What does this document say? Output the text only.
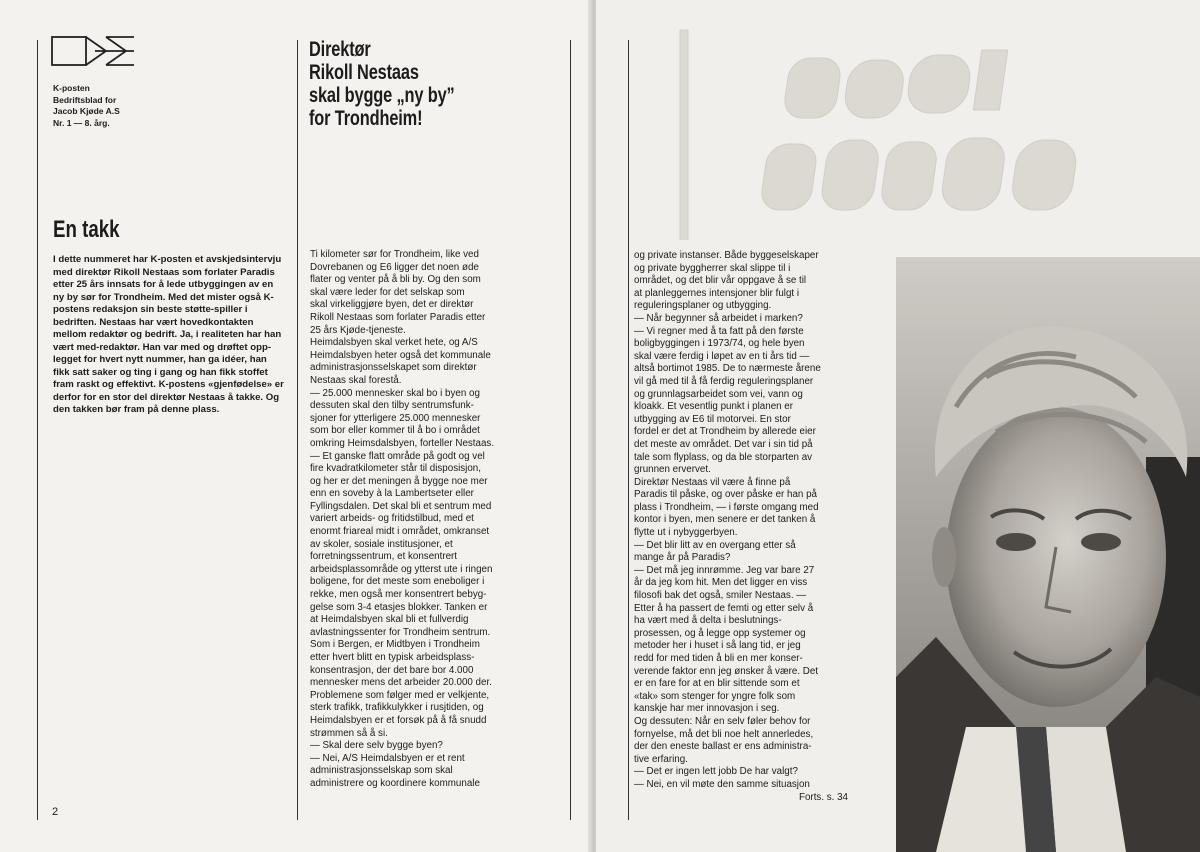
K-posten
Bedriftsblad for
Jacob Kjøde A.S
Nr. 1 — 8. årg.
Direktør
Rikoll Nestaas
skal bygge „ny by”
for Trondheim!
En takk
I dette nummeret har K-posten et avskjedsintervju med direktør Rikoll Nestaas som forlater Paradis etter 25 års innsats for å lede utbyggingen av en ny by sør for Trondheim. Med det mister også K-postens redaksjon sin beste støtte-spiller i bedriften. Nestaas har vært hovedkontakten mellom redaktør og bedrift. Ja, i realiteten har han vært med-redaktør. Han var med og drøftet opp-legget for hvert nytt nummer, han ga idéer, han fikk satt saker og ting i gang og han fikk stoffet fram raskt og effektivt. K-postens «gjenfødelse» er derfor for en stor del direktør Nestaas å takke. Og den takken bør fram på denne plass.
Ti kilometer sør for Trondheim, like ved
Dovrebanen og E6 ligger det noen øde
flater og venter på å bli by. Og den som
skal være leder for det selskap som
skal virkeliggjøre byen, det er direktør
Rikoll Nestaas som forlater Paradis etter
25 års Kjøde-tjeneste.
Heimdalsbyen skal verket hete, og A/S
Heimdalsbyen heter også det kommunale
administrasjonsselskapet som direktør
Nestaas skal forestå.
— 25.000 mennesker skal bo i byen og
dessuten skal den tilby sentrumsfunk-
sjoner for ytterligere 25.000 mennesker
som bor eller kommer til å bo i området
omkring Heimsdalsbyen, forteller Nestaas.
— Et ganske flatt område på godt og vel
fire kvadratkilometer står til disposisjon,
og her er det meningen å bygge noe mer
enn en soveby à la Lambertseter eller
Fyllingsdalen. Det skal bli et sentrum med
variert arbeids- og fritidstilbud, med et
enormt friareal midt i området, omkranset
av skoler, sosiale institusjoner, et
forretningssentrum, et konsentrert
arbeidsplassområde og ytterst ute i ringen
boligene, for det meste som eneboliger i
rekke, men også mer konsentrert bebyg-
gelse som 3-4 etasjes blokker. Tanken er
at Heimdalsbyen skal bli et fullverdig
avlastningssenter for Trondheim sentrum.
Som i Bergen, er Midtbyen i Trondheim
etter hvert blitt en typisk arbeidsplass-
konsentrasjon, der det bare bor 4.000
mennesker mens det arbeider 20.000 der.
Problemene som følger med er velkjente,
sterk trafikk, trafikkulykker i rusjtiden, og
Heimdalsbyen er et forsøk på å få snudd
strømmen så å si.
— Skal dere selv bygge byen?
— Nei, A/S Heimdalsbyen er et rent
administrasjonsselskap som skal
administrere og koordinere kommunale
2
og private instanser. Både byggeselskaper
og private byggherrer skal slippe til i
området, og det blir vår oppgave å se til
at planleggernes intensjoner blir fulgt i
reguleringsplaner og utbygging.
— Når begynner så arbeidet i marken?
— Vi regner med å ta fatt på den første
boligbyggingen i 1973/74, og hele byen
skal være ferdig i løpet av en ti års tid —
altså bortimot 1985. De to nærmeste årene
vil gå med til å få ferdig reguleringsplaner
og grunnlagsarbeidet som vei, vann og
kloakk. Et vesentlig punkt i planen er
utbygging av E6 til motorvei. En stor
fordel er det at Trondheim by allerede eier
det meste av området. Det var i sin tid på
tale som flyplass, og da ble storparten av
grunnen ervervet.
Direktør Nestaas vil være å finne på
Paradis til påske, og over påske er han på
plass i Trondheim, — i første omgang med
kontor i byen, men senere er det tanken å
flytte ut i nybyggerbyen.
— Det blir litt av en overgang etter så
mange år på Paradis?
— Det må jeg innrømme. Jeg var bare 27
år da jeg kom hit. Men det ligger en viss
filosofi bak det også, smiler Nestaas. —
Etter å ha passert de femti og etter selv å
ha vært med å delta i beslutnings-
prosessen, og å legge opp systemer og
metoder her i huset i så lang tid, er jeg
redd for med tiden å bli en mer konser-
verende faktor enn jeg ønsker å være. Det
er en fare for at en blir sittende som et
«tak» som stenger for yngre folk som
kanskje har mer innovasjon i seg.
Og dessuten: Når en selv føler behov for
fornyelse, må det bli noe helt annerledes,
der den eneste ballast er ens administra-
tive erfaring.
— Det er ingen lett jobb De har valgt?
— Nei, en vil møte den samme situasjon
Forts. s. 34
